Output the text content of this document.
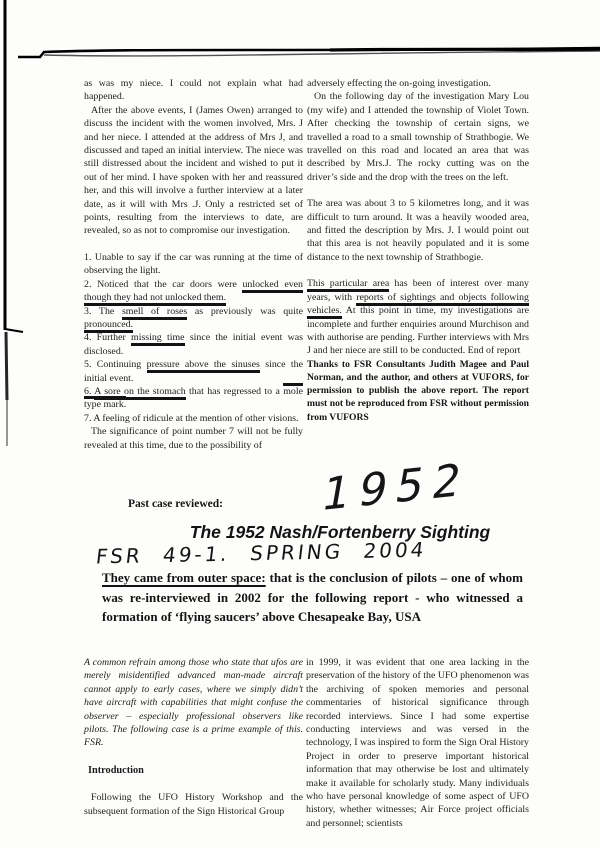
as was my niece. I could not explain what had happened.

After the above events, I (James Owen) arranged to discuss the incident with the women involved, Mrs. J and her niece. I attended at the address of Mrs J, and discussed and taped an initial interview. The niece was still distressed about the incident and wished to put it out of her mind. I have spoken with her and reassured her, and this will involve a further interview at a later date, as it will with Mrs .J. Only a restricted set of points, resulting from the interviews to date, are revealed, so as not to compromise our investigation.

1. Unable to say if the car was running at the time of observing the light.

2. Noticed that the car doors were unlocked even though they had not unlocked them.

3. The smell of roses as previously was quite pronounced.

4. Further missing time since the initial event was disclosed.

5. Continuing pressure above the sinuses since the initial event.

6. A sore on the stomach that has regressed to a mole type mark.

7. A feeling of ridicule at the mention of other visions.

The significance of point number 7 will not be fully revealed at this time, due to the possibility of

adversely effecting the on-going investigation.

On the following day of the investigation Mary Lou (my wife) and I attended the township of Violet Town. After checking the township of certain signs, we travelled a road to a small township of Strathbogie. We travelled on this road and located an area that was described by Mrs.J. The rocky cutting was on the driver’s side and the drop with the trees on the left.

The area was about 3 to 5 kilometres long, and it was difficult to turn around. It was a heavily wooded area, and fitted the description by Mrs. J. I would point out that this area is not heavily populated and it is some distance to the next township of Strathbogie.

This particular area has been of interest over many years, with reports of sightings and objects following vehicles. At this point in time, my investigations are incomplete and further enquiries around Murchison and with authorise are pending. Further interviews with Mrs J and her niece are still to be conducted. End of report

Thanks to FSR Consultants Judith Magee and Paul Norman, and the author, and others at VUFORS, for permission to publish the above report. The report must not be reproduced from FSR without permission from VUFORS

Past case reviewed: 1952
The 1952 Nash/Fortenberry Sighting
FSR 49-1. SPRING 2004

They came from outer space: that is the conclusion of pilots – one of whom was re-interviewed in 2002 for the following report - who witnessed a formation of ‘flying saucers’ above Chesapeake Bay, USA

A common refrain among those who state that ufos are merely misidentified advanced man-made aircraft cannot apply to early cases, where we simply didn’t have aircraft with capabilities that might confuse the observer – especially professional observers like pilots. The following case is a prime example of this. FSR.

Introduction

Following the UFO History Workshop and the subsequent formation of the Sign Historical Group

in 1999, it was evident that one area lacking in the preservation of the history of the UFO phenomenon was the archiving of spoken memories and personal commentaries of historical significance through recorded interviews. Since I had some expertise conducting interviews and was versed in the technology, I was inspired to form the Sign Oral History Project in order to preserve important historical information that may otherwise be lost and ultimately make it available for scholarly study. Many individuals who have personal knowledge of some aspect of UFO history, whether witnesses; Air Force project officials and personnel; scientists
